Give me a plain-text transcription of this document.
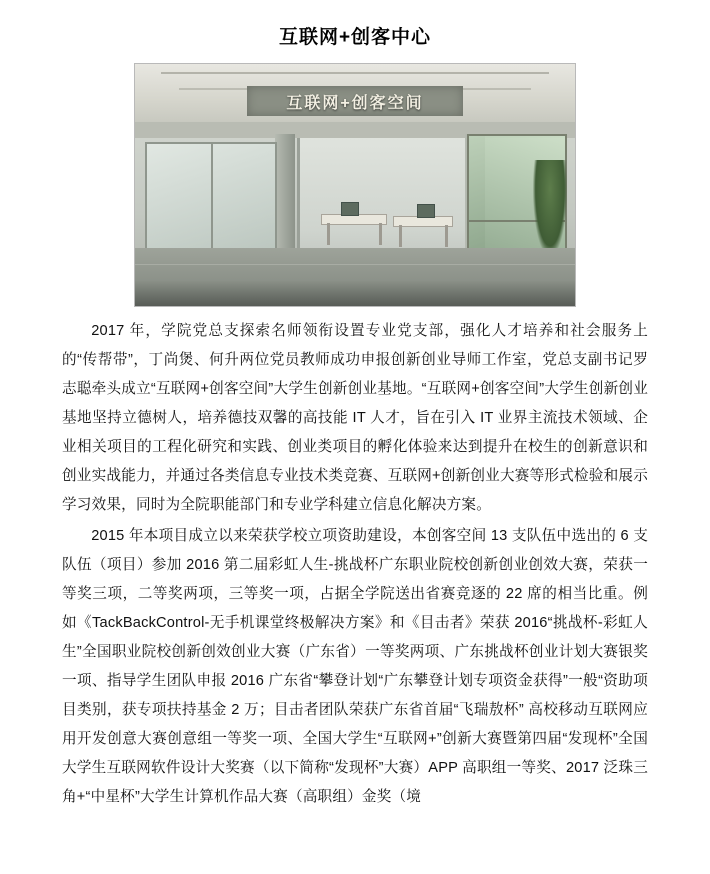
互联网+创客中心
互联网+创客空间

2017 年，学院党总支探索名师领衔设置专业党支部，强化人才培养和社会服务上的“传帮带”，丁尚煲、何升两位党员教师成功申报创新创业导师工作室，党总支副书记罗志聪牵头成立“互联网+创客空间”大学生创新创业基地。“互联网+创客空间”大学生创新创业基地坚持立德树人，培养德技双馨的高技能 IT 人才，旨在引入 IT 业界主流技术领域、企业相关项目的工程化研究和实践、创业类项目的孵化体验来达到提升在校生的创新意识和创业实战能力，并通过各类信息专业技术类竞赛、互联网+创新创业大赛等形式检验和展示学习效果，同时为全院职能部门和专业学科建立信息化解决方案。

2015 年本项目成立以来荣获学校立项资助建设，本创客空间 13 支队伍中选出的 6 支队伍（项目）参加 2016 第二届彩虹人生-挑战杯广东职业院校创新创业创效大赛，荣获一等奖三项，二等奖两项，三等奖一项，占据全学院送出省赛竞逐的 22 席的相当比重。例如《TackBackControl-无手机课堂终极解决方案》和《目击者》荣获 2016“挑战杯-彩虹人生”全国职业院校创新创效创业大赛（广东省）一等奖两项、广东挑战杯创业计划大赛银奖一项、指导学生团队申报 2016 广东省“攀登计划“广东攀登计划专项资金获得”一般“资助项目类别，获专项扶持基金 2 万；目击者团队荣获广东省首届“飞瑞敖杯” 高校移动互联网应用开发创意大赛创意组一等奖一项、全国大学生“互联网+”创新大赛暨第四届“发现杯”全国大学生互联网软件设计大奖赛（以下简称“发现杯”大赛）APP 高职组一等奖、2017 泛珠三角+“中星杯”大学生计算机作品大赛（高职组）金奖（境
